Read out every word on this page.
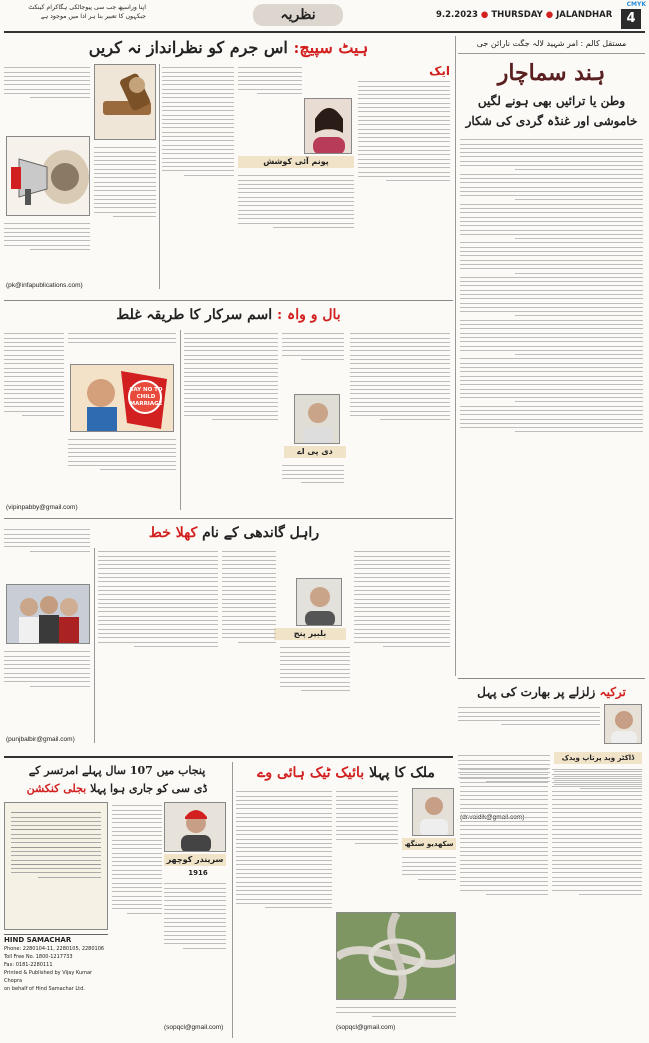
اپنا وراسپھ جب سی پیوجاٹکی ہگاکرام کینکٹ
جبکہوں کا تعبیر بنا ہر ادا میں موجود ہے	نظریہ	9.2.2023 ● THURSDAY ● JALANDHAR
CMYK
4
مستقل کالم : امر شہید لالہ جگت نارائن جی
ہند سماچار
وطن یا ترائیں بھی ہونے لگیں
خاموشی اور غنڈہ گردی کی شکار
ہیٹ سپیچ: اس جرم کو نظرانداز نہ کریں
(pk@infapublications.com)
پونم آئی کوشش
ایک
بال و واہ : اسم سرکار کا طریقہ غلط
SAY NO TO CHILD MARRIAGE
(vipinpabby@gmail.com)
دی پی اے
راہل گاندھی کے نام کھلا خط
(punjbalbir@gmail.com)
بلبیر پنج
ترکیہ زلزلے پر بھارت کی پہل
ڈاکٹر وید پرتاپ ویدک
پنجاب میں 107 سال پہلے امرتسر کے
ڈی سی کو جاری ہوا پہلا بجلی کنکشن
HIND SAMACHAR
Phone: 2280104-11, 2280105, 2280106
Toll Free No. 1800-1217733
Fax: 0181-2280111
Printed & Published by Vijay Kumar Chopra
on behalf of Hind Samachar Ltd.
سریندر کوچھر
1916
(sopqcl@gmail.com)
ملک کا پہلا بائیک ٹیک ہائی وے
سکھدیو سنگھ
(sopqcl@gmail.com)
